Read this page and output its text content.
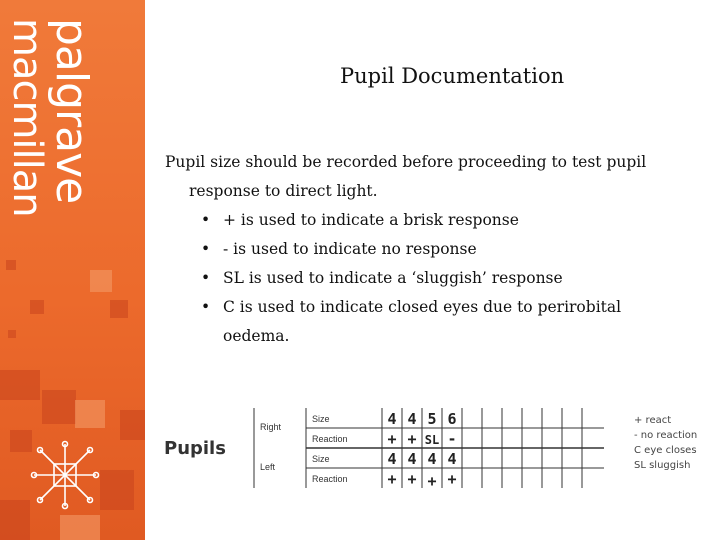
palgrave
macmillan	Pupil Documentation

Pupil size should be recorded before proceeding to test pupil response to direct light.

• + is used to indicate a brisk response
• - is used to indicate no response
• SL is used to indicate a ‘sluggish’ response
• C is used to indicate closed eyes due to perirobital oedema.
Pupils
Right
Left
Size
Reaction
Size
Reaction
4 4 5 6
+ + SL -
4 4 4 4
+ + + +
+ react
- no reaction
C eye closes
SL sluggish
